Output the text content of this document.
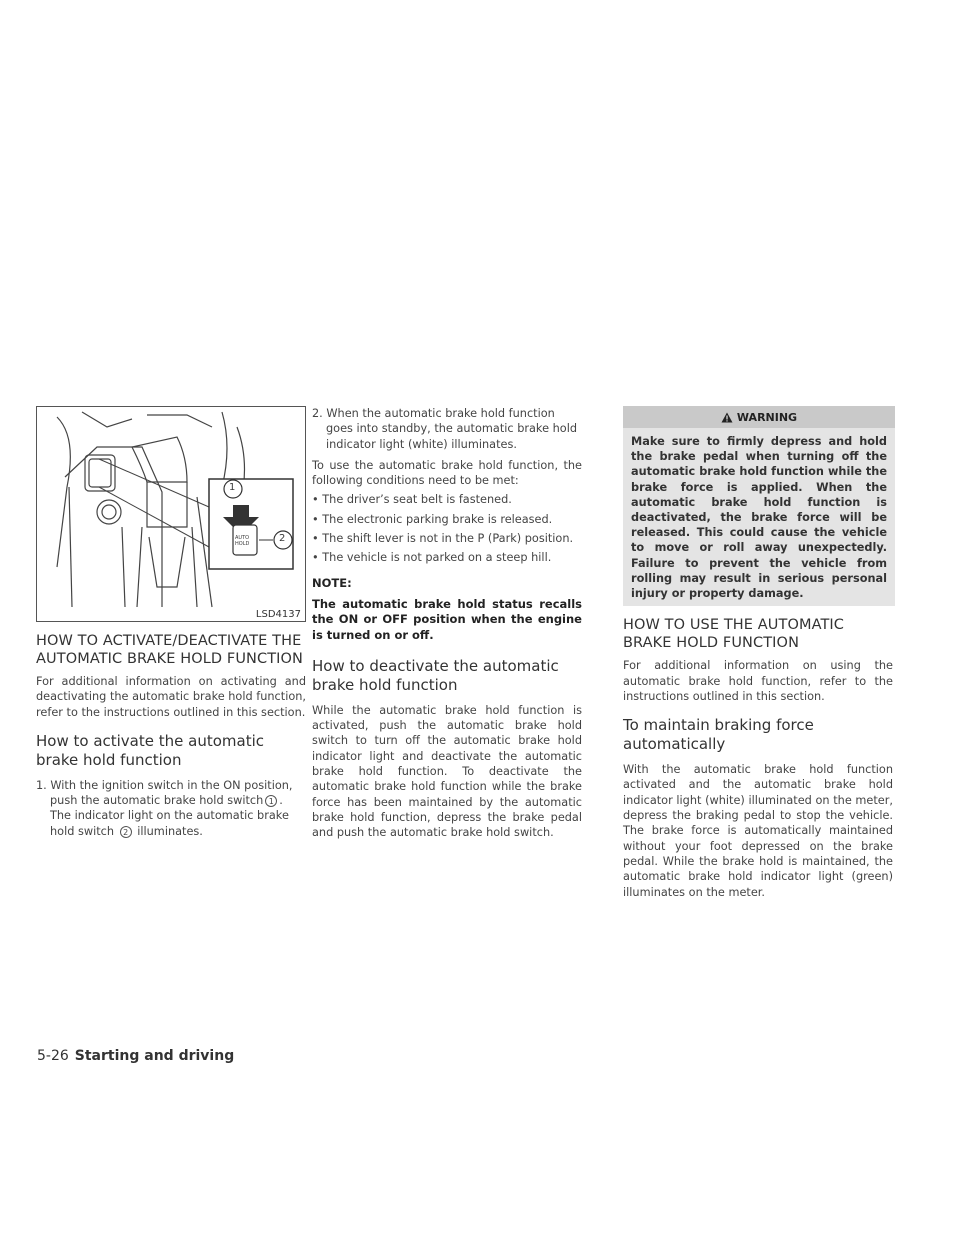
1
2
AUTO
HOLD
LSD4137
HOW TO ACTIVATE/DEACTIVATE THE AUTOMATIC BRAKE HOLD FUNCTION

For additional information on activating and deactivating the automatic brake hold function, refer to the instructions outlined in this section.

How to activate the automatic brake hold function

1. With the ignition switch in the ON position, push the automatic brake hold switch 1 . The indicator light on the automatic brake hold switch 2 illuminates.

2. When the automatic brake hold function goes into standby, the automatic brake hold indicator light (white) illuminates.

To use the automatic brake hold function, the following conditions need to be met:

• The driver’s seat belt is fastened.

• The electronic parking brake is released.

• The shift lever is not in the P (Park) position.

• The vehicle is not parked on a steep hill.

NOTE:

The automatic brake hold status recalls the ON or OFF position when the engine is turned on or off.

How to deactivate the automatic brake hold function

While the automatic brake hold function is activated, push the automatic brake hold switch to turn off the automatic brake hold indicator light and deactivate the automatic brake hold function. To deactivate the automatic brake hold function while the brake force has been maintained by the automatic brake hold function, depress the brake pedal and push the automatic brake hold switch.

WARNING
Make sure to firmly depress and hold the brake pedal when turning off the automatic brake hold function while the brake force is applied. When the automatic brake hold function is deactivated, the brake force will be released. This could cause the vehicle to move or roll away unexpectedly. Failure to prevent the vehicle from rolling may result in serious personal injury or property damage.
HOW TO USE THE AUTOMATIC BRAKE HOLD FUNCTION

For additional information on using the automatic brake hold function, refer to the instructions outlined in this section.

To maintain braking force automatically

With the automatic brake hold function activated and the automatic brake hold indicator light (white) illuminated on the meter, depress the braking pedal to stop the vehicle. The brake force is automatically maintained without your foot depressed on the brake pedal. While the brake hold is maintained, the automatic brake hold indicator light (green) illuminates on the meter.

5-26 Starting and driving
